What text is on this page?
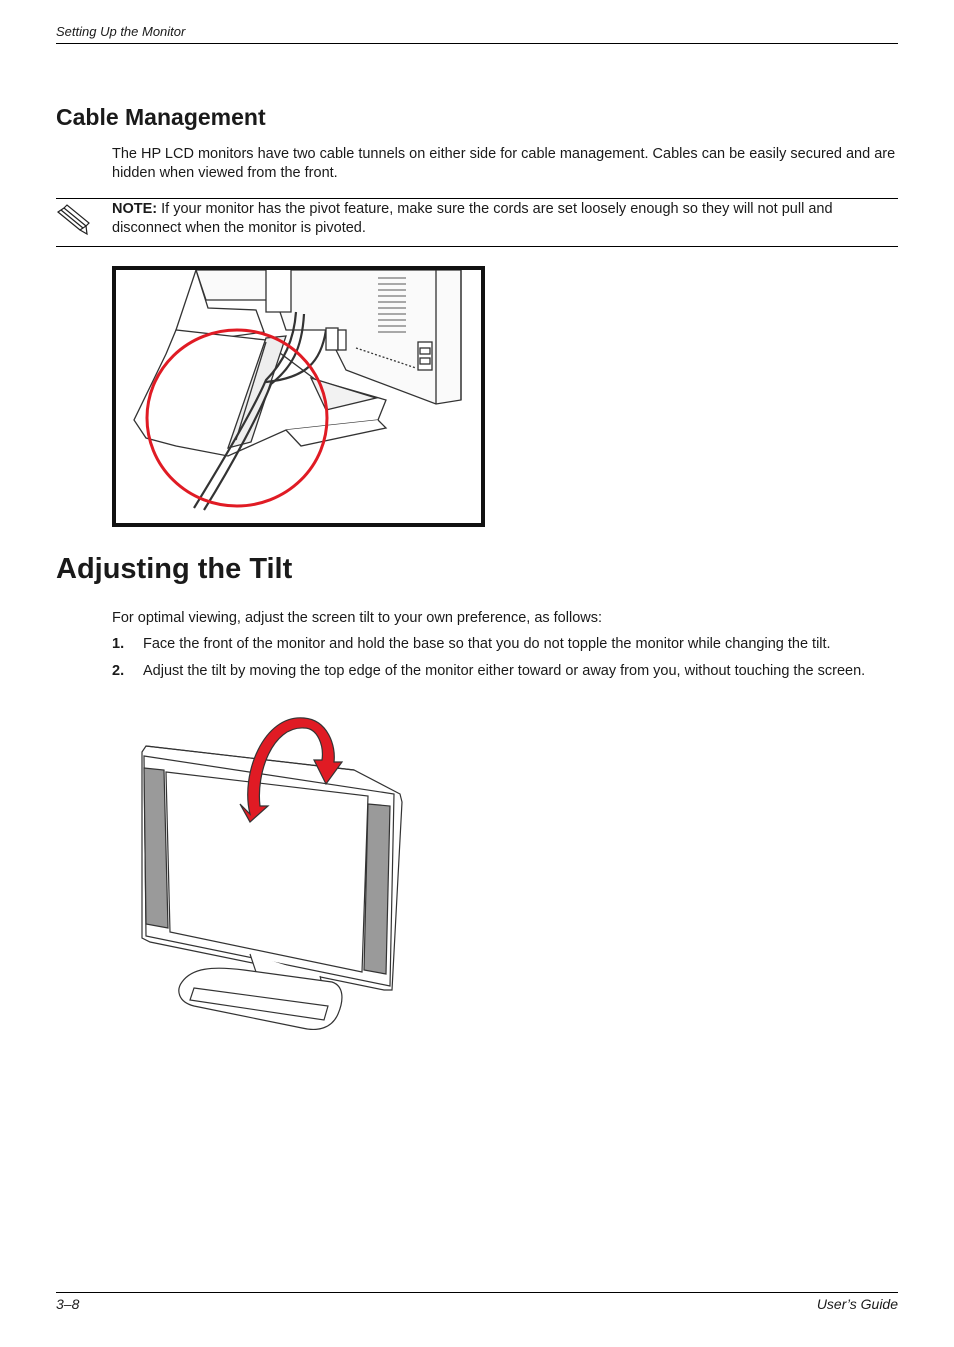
Setting Up the Monitor
Cable Management
The HP LCD monitors have two cable tunnels on either side for cable management. Cables can be easily secured and are hidden when viewed from the front.
NOTE: If your monitor has the pivot feature, make sure the cords are set loosely enough so they will not pull and disconnect when the monitor is pivoted.
Adjusting the Tilt
For optimal viewing, adjust the screen tilt to your own preference, as follows:
1. Face the front of the monitor and hold the base so that you do not topple the monitor while changing the tilt.
2. Adjust the tilt by moving the top edge of the monitor either toward or away from you, without touching the screen.
3–8	User’s Guide
